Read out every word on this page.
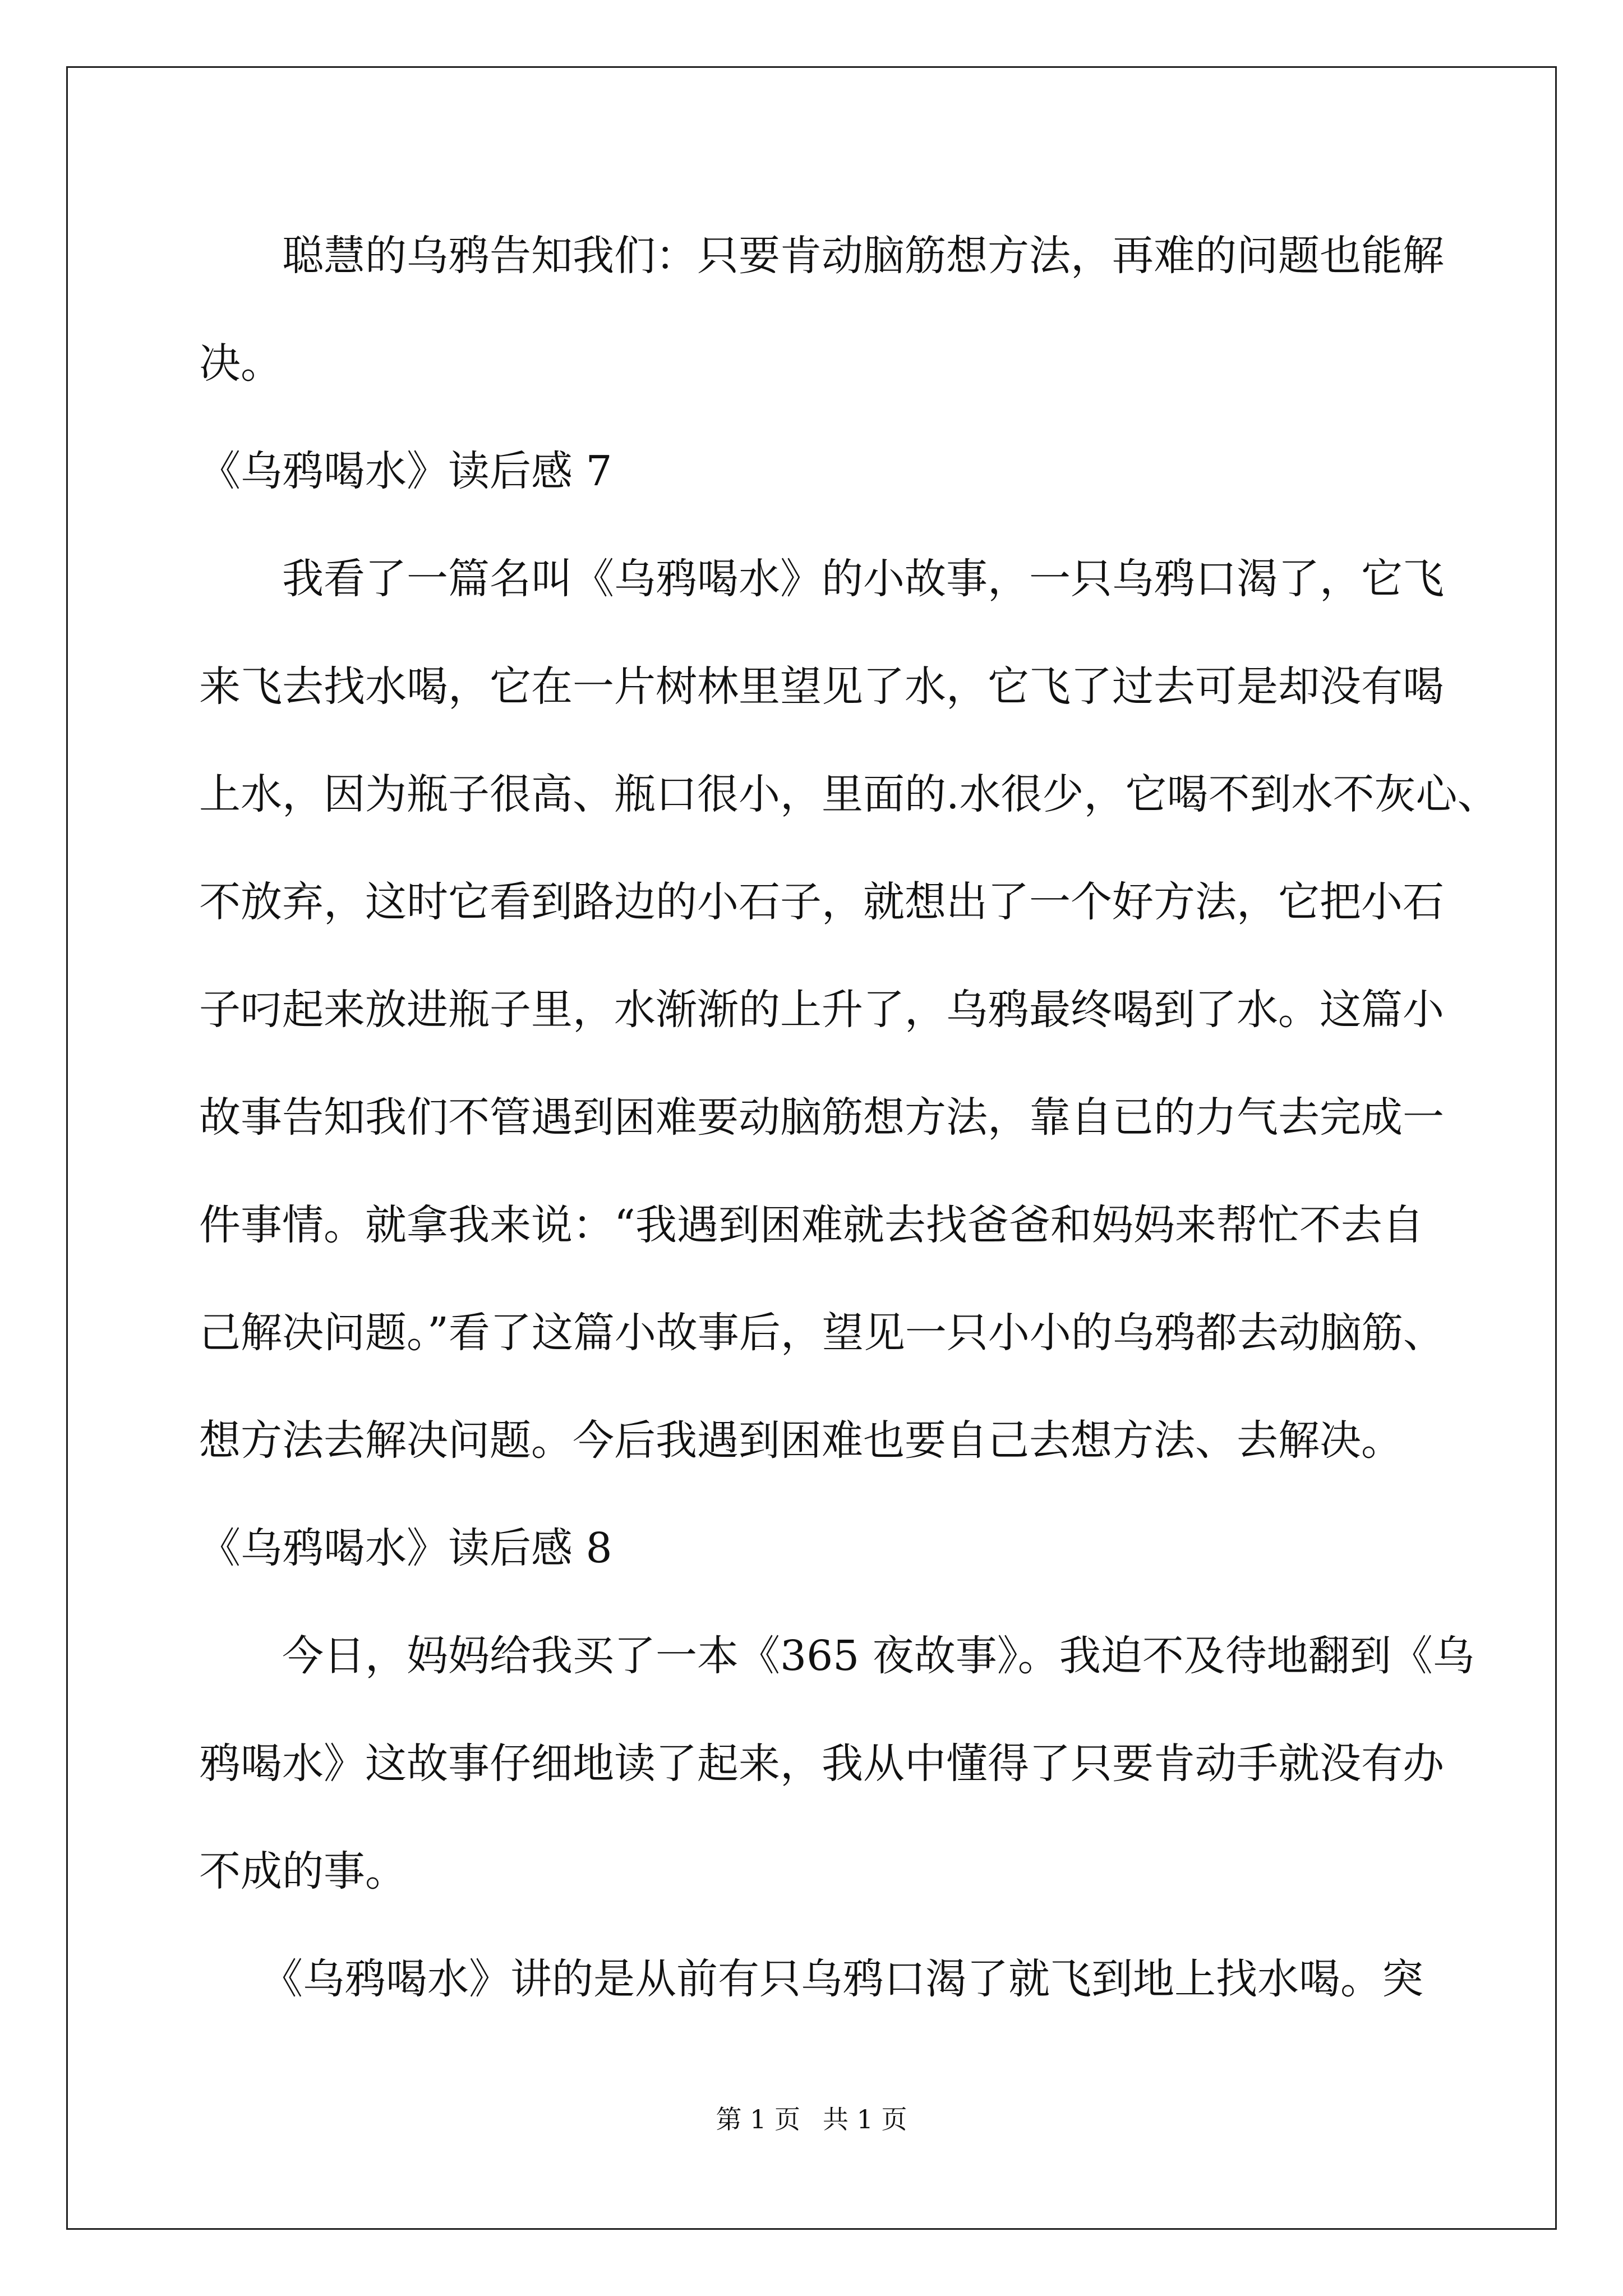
　　聪慧的乌鸦告知我们：只要肯动脑筋想方法，再难的问题也能解
决。

《乌鸦喝水》读后感 7

　　我看了一篇名叫《乌鸦喝水》的小故事，一只乌鸦口渴了，它飞
来飞去找水喝，它在一片树林里望见了水，它飞了过去可是却没有喝
上水，因为瓶子很高、瓶口很小，里面的.水很少，它喝不到水不灰心、
不放弃，这时它看到路边的小石子，就想出了一个好方法，它把小石
子叼起来放进瓶子里，水渐渐的上升了，乌鸦最终喝到了水。这篇小
故事告知我们不管遇到困难要动脑筋想方法，靠自已的力气去完成一
件事情。就拿我来说：“我遇到困难就去找爸爸和妈妈来帮忙不去自
己解决问题。”看了这篇小故事后，望见一只小小的乌鸦都去动脑筋、
想方法去解决问题。今后我遇到困难也要自己去想方法、去解决。

《乌鸦喝水》读后感 8

　　今日，妈妈给我买了一本《365 夜故事》。我迫不及待地翻到《乌
鸦喝水》这故事仔细地读了起来，我从中懂得了只要肯动手就没有办
不成的事。

　　《乌鸦喝水》讲的是从前有只乌鸦口渴了就飞到地上找水喝。突

第 1 页 共 1 页
